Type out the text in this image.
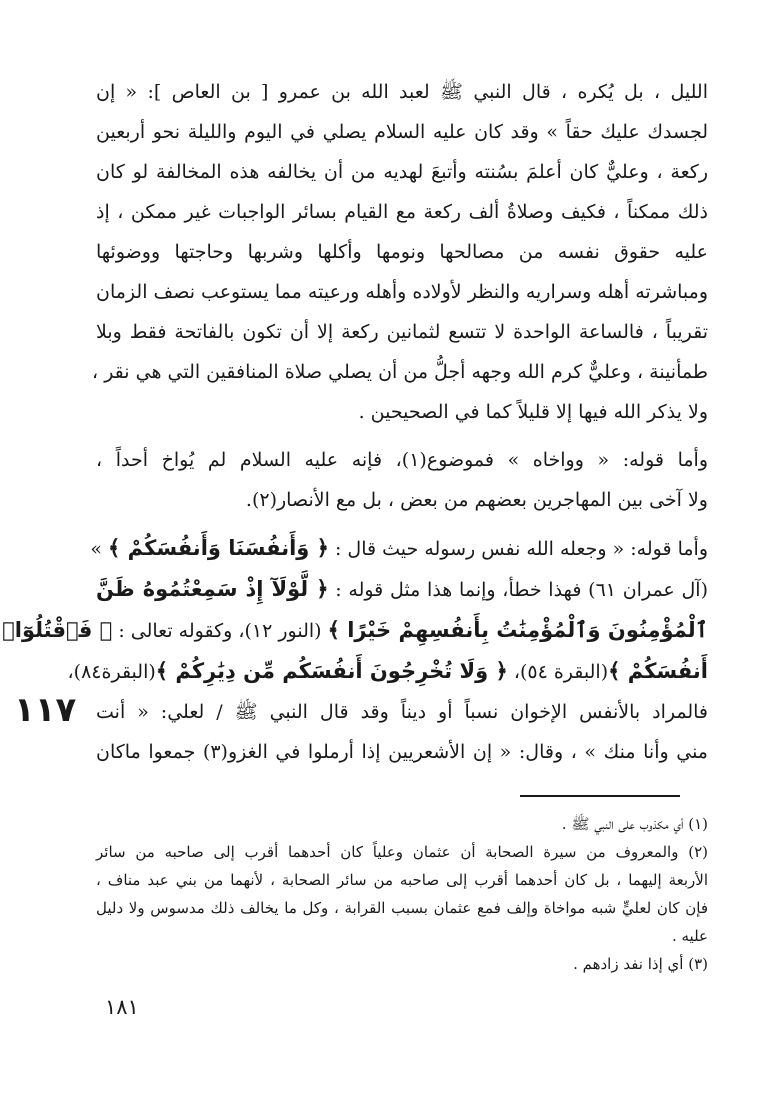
الليل ، بل يُكره ، قال النبي ﷺ لعبد الله بن عمرو [ بن العاص ]: « إن
لجسدك عليك حقاً » وقد كان عليه السلام يصلي في اليوم والليلة نحو أربعين
ركعة ، وعليٌّ كان أعلمَ بسُنته وأتبعَ لهديه من أن يخالفه هذه المخالفة لو كان
ذلك ممكناً ، فكيف وصلاةُ ألف ركعة مع القيام بسائر الواجبات غير ممكن ، إذ
عليه حقوق نفسه من مصالحها ونومها وأكلها وشربها وحاجتها ووضوئها
ومباشرته أهله وسراريه والنظر لأولاده وأهله ورعيته مما يستوعب نصف الزمان
تقريباً ، فالساعة الواحدة لا تتسع لثمانين ركعة إلا أن تكون بالفاتحة فقط وبلا
طمأنينة ، وعليٌّ كرم الله وجهه أجلُّ من أن يصلي صلاة المنافقين التي هي نقر ،
ولا يذكر الله فيها إلا قليلاً كما في الصحيحين .

وأما قوله: « وواخاه » فموضوع(١)، فإنه عليه السلام لم يُواخ أحداً ،
ولا آخى بين المهاجرين بعضهم من بعض ، بل مع الأنصار(٢).

وأما قوله: « وجعله الله نفس رسوله حيث قال : ﴿ وَأَنفُسَنَا وَأَنفُسَكُمْ ﴾ »
(آل عمران ٦١) فهذا خطأ، وإنما هذا مثل قوله : ﴿ لَّوْلَآ إِذْ سَمِعْتُمُوهُ ظَنَّ
ٱلْمُؤْمِنُونَ وَٱلْمُؤْمِنَٰتُ بِأَنفُسِهِمْ خَيْرًا ﴾ (النور ١٢)، وكقوله تعالى : ﴿ فَٱقْتُلُوٓا۟
أَنفُسَكُمْ ﴾(البقرة ٥٤)، ﴿ وَلَا تُخْرِجُونَ أَنفُسَكُم مِّن دِيَٰرِكُمْ ﴾(البقرة٨٤)،

فالمراد بالأنفس الإخوان نسباً أو ديناً وقد قال النبي ﷺ / لعلي: « أنت
مني وأنا منك » ، وقال: « إن الأشعريين إذا أرملوا في الغزو(٣) جمعوا ماكان

١١٧

(١) أي مكذوب على النبي ﷺ .

(٢) والمعروف من سيرة الصحابة أن عثمان وعلياً كان أحدهما أقرب إلى صاحبه من سائر
الأربعة إليهما ، بل كان أحدهما أقرب إلى صاحبه من سائر الصحابة ، لأنهما من بني عبد مناف ،
فإن كان لعليٍّ شبه مواخاة وإلف فمع عثمان بسبب القرابة ، وكل ما يخالف ذلك مدسوس ولا دليل
عليه .

(٣) أي إذا نفد زادهم .

١٨١
